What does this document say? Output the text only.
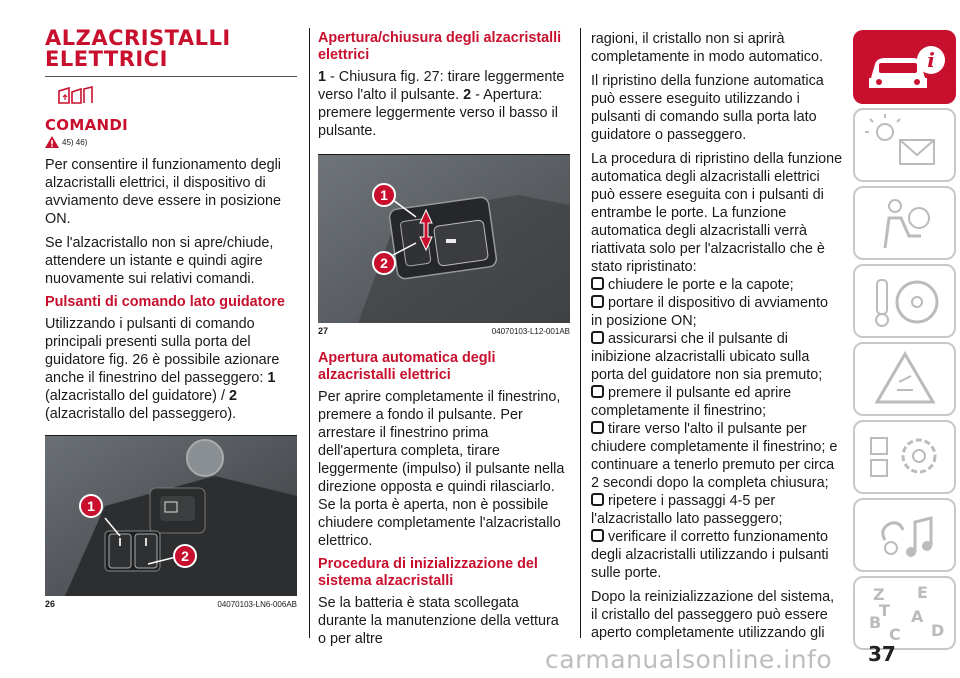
ALZACRISTALLI
ELETTRICI
COMANDI
45) 46)

Per consentire il funzionamento degli alzacristalli elettrici, il dispositivo di avviamento deve essere in posizione ON.

Se l'alzacristallo non si apre/chiude, attendere un istante e quindi agire nuovamente sui relativi comandi.

Pulsanti di comando lato guidatore

Utilizzando i pulsanti di comando principali presenti sulla porta del guidatore fig. 26 è possibile azionare anche il finestrino del passeggero: 1 (alzacristallo del guidatore) / 2 (alzacristallo del passeggero).

1
2
26	04070103-LN6-006AB
Apertura/chiusura degli alzacristalli elettrici

1 - Chiusura fig. 27: tirare leggermente verso l'alto il pulsante. 2 - Apertura: premere leggermente verso il basso il pulsante.

1
2
27	04070103-L12-001AB
Apertura automatica degli alzacristalli elettrici

Per aprire completamente il finestrino, premere a fondo il pulsante. Per arrestare il finestrino prima dell'apertura completa, tirare leggermente (impulso) il pulsante nella direzione opposta e quindi rilasciarlo. Se la porta è aperta, non è possibile chiudere completamente l'alzacristallo elettrico.

Procedura di inizializzazione del sistema alzacristalli

Se la batteria è stata scollegata durante la manutenzione della vettura o per altre

ragioni, il cristallo non si aprirà completamente in modo automatico.

Il ripristino della funzione automatica può essere eseguito utilizzando i pulsanti di comando sulla porta lato guidatore o passeggero.

La procedura di ripristino della funzione automatica degli alzacristalli elettrici può essere eseguita con i pulsanti di entrambe le porte. La funzione automatica degli alzacristalli verrà riattivata solo per l'alzacristallo che è stato ripristinato:

chiudere le porte e la capote;
portare il dispositivo di avviamento in posizione ON;
assicurarsi che il pulsante di inibizione alzacristalli ubicato sulla porta del guidatore non sia premuto;
premere il pulsante ed aprire completamente il finestrino;
tirare verso l'alto il pulsante per chiudere completamente il finestrino; e continuare a tenerlo premuto per circa 2 secondi dopo la completa chiusura;
ripetere i passaggi 4-5 per l'alzacristallo lato passeggero;
verificare il corretto funzionamento degli alzacristalli utilizzando i pulsanti sulle porte.

Dopo la reinizializzazione del sistema, il cristallo del passeggero può essere aperto completamente utilizzando gli

i
Z E
A
B
C D
T
37
carmanualsonline.info
